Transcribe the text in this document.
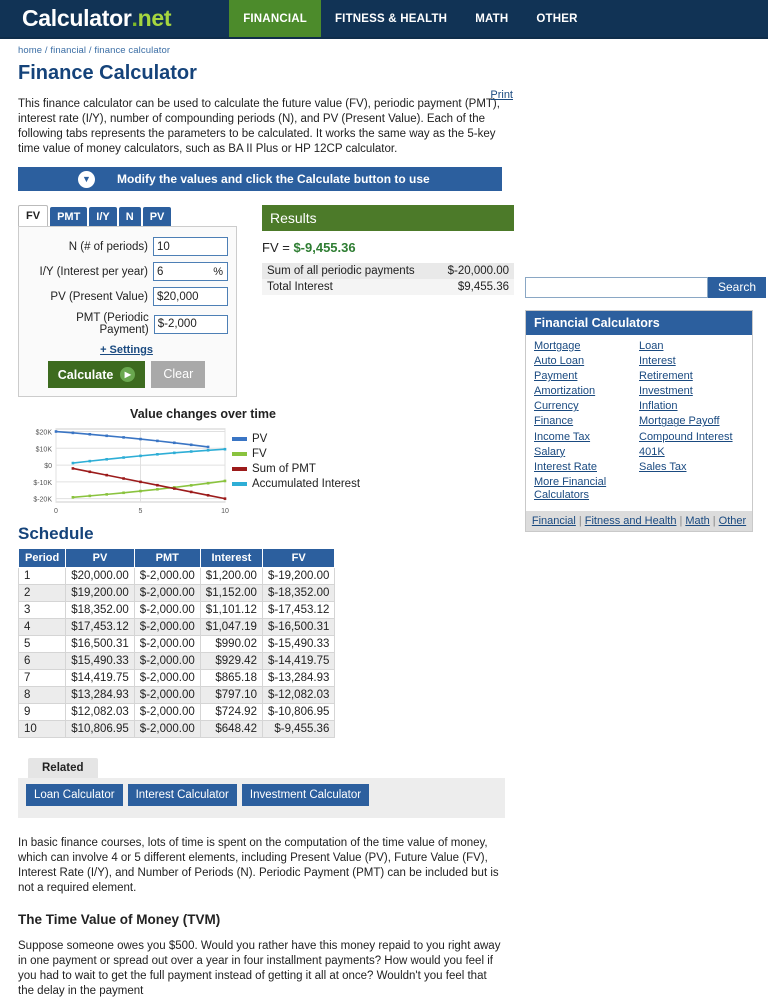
Calculator . net	FINANCIAL	FITNESS & HEALTH	MATH	OTHER
home / financial / finance calculator
Print
Finance Calculator
This finance calculator can be used to calculate the future value (FV), periodic payment (PMT), interest rate (I/Y), number of compounding periods (N), and PV (Present Value). Each of the following tabs represents the parameters to be calculated. It works the same way as the 5-key time value of money calculators, such as BA II Plus or HP 12CP calculator.
▼	Modify the values and click the Calculate button to use
FV	PMT	I/Y	N	PV
N (# of periods) 10
I/Y (Interest per year) 6	%
PV (Present Value) $20,000
PMT (Periodic Payment) $-2,000
+ Settings
Calculate	▶	Clear
Results
FV = $-9,455.36
Sum of all periodic payments	$-20,000.00
Total Interest	$9,455.36
Value changes over time
$-20K
$-10K
$0
$10K
$20K
0	5	10
PV
FV
Sum of PMT
Accumulated Interest
Schedule
Period	PV	PMT	Interest	FV
1	$20,000.00	$-2,000.00	$1,200.00	$-19,200.00
2	$19,200.00	$-2,000.00	$1,152.00	$-18,352.00
3	$18,352.00	$-2,000.00	$1,101.12	$-17,453.12
4	$17,453.12	$-2,000.00	$1,047.19	$-16,500.31
5	$16,500.31	$-2,000.00	$990.02	$-15,490.33
6	$15,490.33	$-2,000.00	$929.42	$-14,419.75
7	$14,419.75	$-2,000.00	$865.18	$-13,284.93
8	$13,284.93	$-2,000.00	$797.10	$-12,082.03
9	$12,082.03	$-2,000.00	$724.92	$-10,806.95
10	$10,806.95	$-2,000.00	$648.42	$-9,455.36
Related
Loan Calculator	Interest Calculator	Investment Calculator
In basic finance courses, lots of time is spent on the computation of the time value of money, which can involve 4 or 5 different elements, including Present Value (PV), Future Value (FV), Interest Rate (I/Y), and Number of Periods (N). Periodic Payment (PMT) can be included but is not a required element.
The Time Value of Money (TVM)
Suppose someone owes you $500. Would you rather have this money repaid to you right away in one payment or spread out over a year in four installment payments? How would you feel if you had to wait to get the full payment instead of getting it all at once? Wouldn't you feel that the delay in the payment
Search
Financial Calculators
Mortgage
Auto Loan
Payment
Amortization
Currency
Finance
Income Tax
Salary
Interest Rate
More Financial Calculators
Loan
Interest
Retirement
Investment
Inflation
Mortgage Payoff
Compound Interest
401K
Sales Tax
Financial | Fitness and Health | Math | Other
